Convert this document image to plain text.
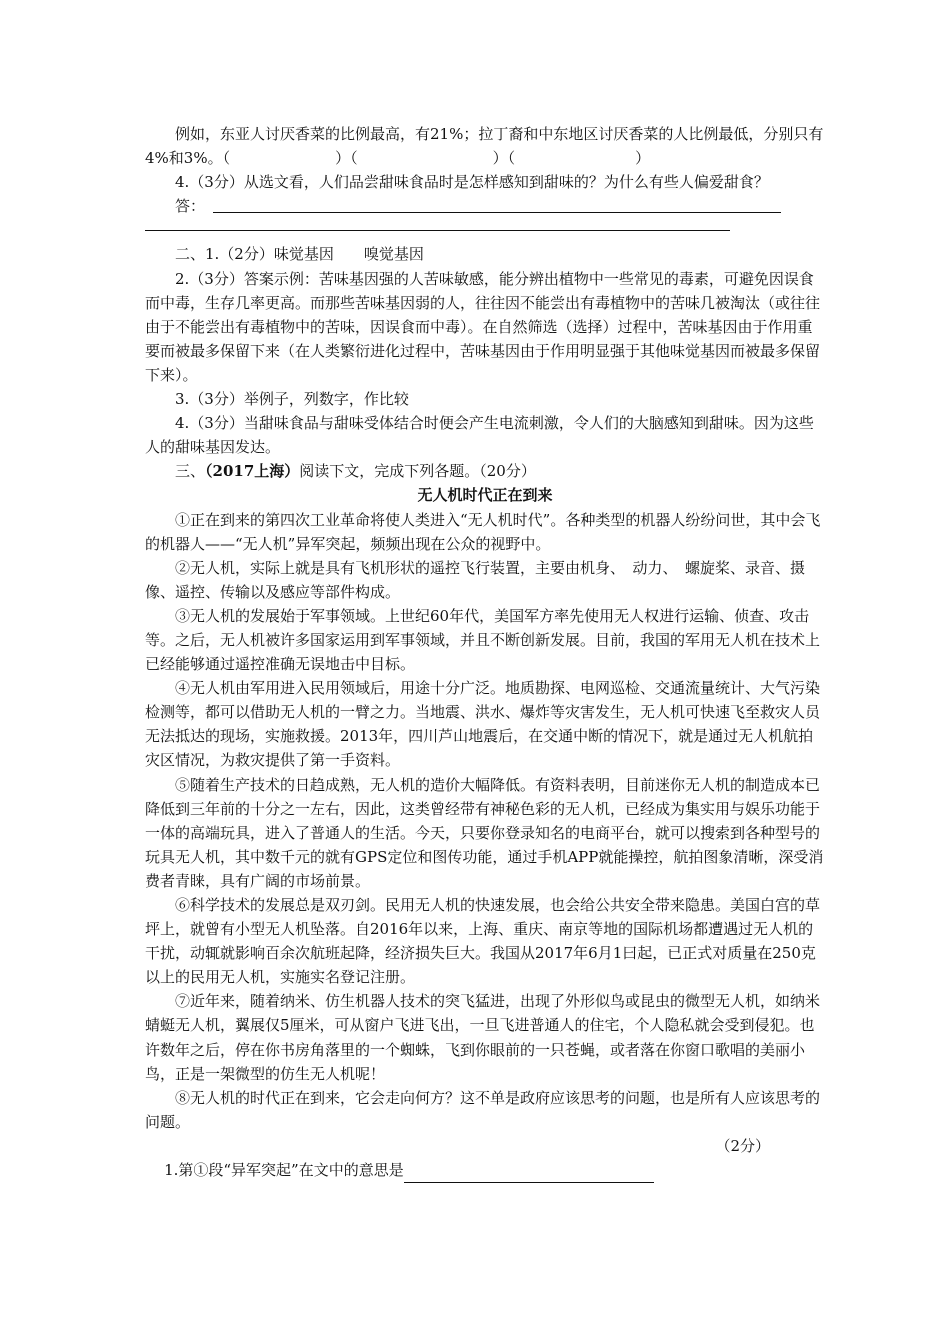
例如，东亚人讨厌香菜的比例最高，有21%；拉丁裔和中东地区讨厌香菜的人比例最低，分别只有4%和3%。（　　　　　　　）（　　　　　　　　　）（　　　　　　　　）

4.（3分）从选文看，人们品尝甜味食品时是怎样感知到甜味的？为什么有些人偏爱甜食？

答：

二、1.（2分）味觉基因　　嗅觉基因

2.（3分）答案示例：苦味基因强的人苦味敏感，能分辨出植物中一些常见的毒素，可避免因误食而中毒，生存几率更高。而那些苦味基因弱的人，往往因不能尝出有毒植物中的苦味几被淘汰（或往往由于不能尝出有毒植物中的苦味，因误食而中毒）。在自然筛选（选择）过程中，苦味基因由于作用重要而被最多保留下来（在人类繁衍进化过程中，苦味基因由于作用明显强于其他味觉基因而被最多保留下来）。

3.（3分）举例子，列数字，作比较

4.（3分）当甜味食品与甜味受体结合时便会产生电流刺激，令人们的大脑感知到甜味。因为这些人的甜味基因发达。

三、（2017上海）阅读下文，完成下列各题。（20分）

无人机时代正在到来

①正在到来的第四次工业革命将使人类进入“无人机时代”。各种类型的机器人纷纷问世，其中会飞的机器人——“无人机”异军突起，频频出现在公众的视野中。

②无人机，实际上就是具有飞机形状的遥控飞行装置，主要由机身、　动力、　螺旋桨、录音、摄像、遥控、传输以及感应等部件构成。

③无人机的发展始于军事领域。上世纪60年代，美国军方率先使用无人权进行运输、侦查、攻击等。之后，无人机被许多国家运用到军事领域，并且不断创新发展。目前，我国的军用无人机在技术上已经能够通过遥控准确无误地击中目标。

④无人机由军用进入民用领域后，用途十分广泛。地质勘探、电网巡检、交通流量统计、大气污染检测等，都可以借助无人机的一臂之力。当地震、洪水、爆炸等灾害发生，无人机可快速飞至救灾人员无法抵达的现场，实施救援。2013年，四川芦山地震后，在交通中断的情况下，就是通过无人机航拍灾区情况，为救灾提供了第一手资料。

⑤随着生产技术的日趋成熟，无人机的造价大幅降低。有资料表明，目前迷你无人机的制造成本已降低到三年前的十分之一左右，因此，这类曾经带有神秘色彩的无人机，已经成为集实用与娱乐功能于一体的高端玩具，进入了普通人的生活。今天，只要你登录知名的电商平台，就可以搜索到各种型号的玩具无人机，其中数千元的就有GPS定位和图传功能，通过手机APP就能操控，航拍图象清晰，深受消费者青睐，具有广阔的市场前景。

⑥科学技术的发展总是双刃剑。民用无人机的快速发展，也会给公共安全带来隐患。美国白宫的草坪上，就曾有小型无人机坠落。自2016年以来，上海、重庆、南京等地的国际机场都遭遇过无人机的干扰，动辄就影响百余次航班起降，经济损失巨大。我国从2017年6月1曰起，已正式对质量在250克以上的民用无人机，实施实名登记注册。

⑦近年来，随着纳米、仿生机器人技术的突飞猛进，出现了外形似鸟或昆虫的微型无人机，如纳米蜻蜓无人机，翼展仅5厘米，可从窗户飞进飞出，一旦飞进普通人的住宅，个人隐私就会受到侵犯。也许数年之后，停在你书房角落里的一个蜘蛛，飞到你眼前的一只苍蝇，或者落在你窗口歌唱的美丽小鸟，正是一架微型的仿生无人机呢！

⑧无人机的时代正在到来，它会走向何方？这不单是政府应该思考的问题，也是所有人应该思考的问题。

1.第①段“异军突起”在文中的意思是

（2分）
